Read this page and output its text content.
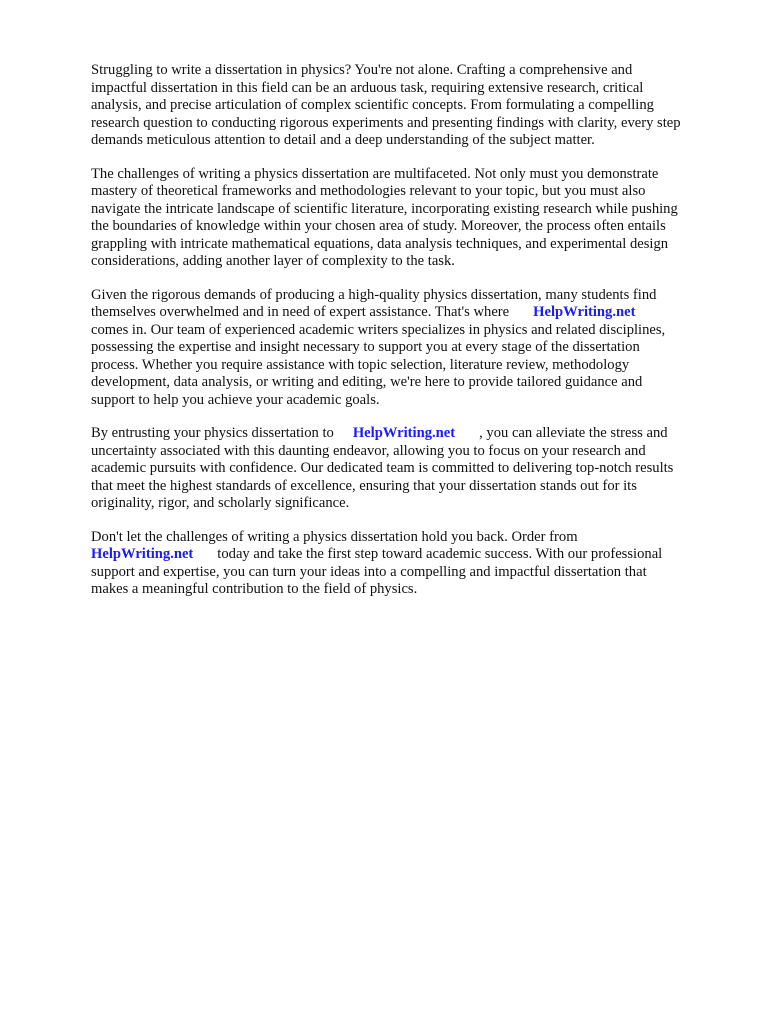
Struggling to write a dissertation in physics? You're not alone. Crafting a comprehensive and
impactful dissertation in this field can be an arduous task, requiring extensive research, critical
analysis, and precise articulation of complex scientific concepts. From formulating a compelling
research question to conducting rigorous experiments and presenting findings with clarity, every step
demands meticulous attention to detail and a deep understanding of the subject matter.

The challenges of writing a physics dissertation are multifaceted. Not only must you demonstrate
mastery of theoretical frameworks and methodologies relevant to your topic, but you must also
navigate the intricate landscape of scientific literature, incorporating existing research while pushing
the boundaries of knowledge within your chosen area of study. Moreover, the process often entails
grappling with intricate mathematical equations, data analysis techniques, and experimental design
considerations, adding another layer of complexity to the task.

Given the rigorous demands of producing a high-quality physics dissertation, many students find
themselves overwhelmed and in need of expert assistance. That's where HelpWriting.net
comes in. Our team of experienced academic writers specializes in physics and related disciplines,
possessing the expertise and insight necessary to support you at every stage of the dissertation
process. Whether you require assistance with topic selection, literature review, methodology
development, data analysis, or writing and editing, we're here to provide tailored guidance and
support to help you achieve your academic goals.

By entrusting your physics dissertation to HelpWriting.net , you can alleviate the stress and
uncertainty associated with this daunting endeavor, allowing you to focus on your research and
academic pursuits with confidence. Our dedicated team is committed to delivering top-notch results
that meet the highest standards of excellence, ensuring that your dissertation stands out for its
originality, rigor, and scholarly significance.

Don't let the challenges of writing a physics dissertation hold you back. Order from
HelpWriting.net today and take the first step toward academic success. With our professional
support and expertise, you can turn your ideas into a compelling and impactful dissertation that
makes a meaningful contribution to the field of physics.
